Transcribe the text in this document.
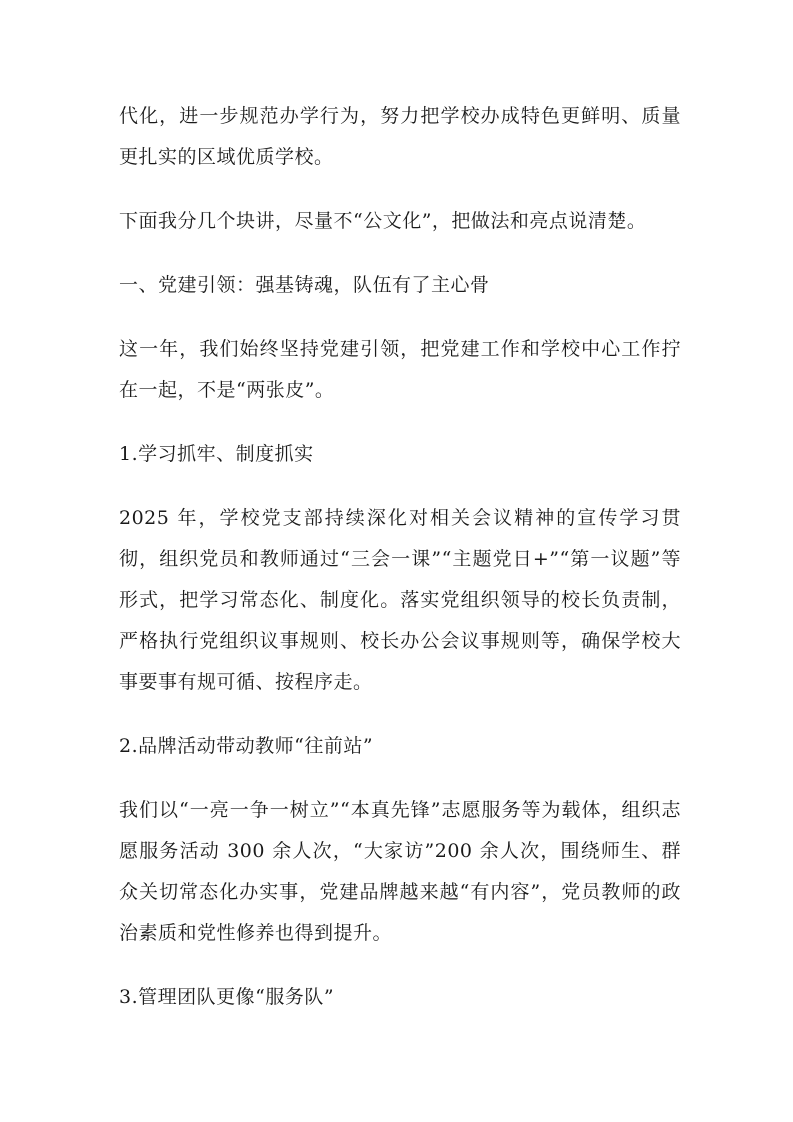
代化，进一步规范办学行为，努力把学校办成特色更鲜明、质量更扎实的区域优质学校。

下面我分几个块讲，尽量不“公文化”，把做法和亮点说清楚。

一、党建引领：强基铸魂，队伍有了主心骨

这一年，我们始终坚持党建引领，把党建工作和学校中心工作拧在一起，不是“两张皮”。

1.学习抓牢、制度抓实

2025 年，学校党支部持续深化对相关会议精神的宣传学习贯彻，组织党员和教师通过“三会一课”“主题党日+”“第一议题”等形式，把学习常态化、制度化。落实党组织领导的校长负责制，严格执行党组织议事规则、校长办公会议事规则等，确保学校大事要事有规可循、按程序走。

2.品牌活动带动教师“往前站”

我们以“一亮一争一树立”“本真先锋”志愿服务等为载体，组织志愿服务活动 300 余人次，“大家访”200 余人次，围绕师生、群众关切常态化办实事，党建品牌越来越“有内容”，党员教师的政治素质和党性修养也得到提升。

3.管理团队更像“服务队”
